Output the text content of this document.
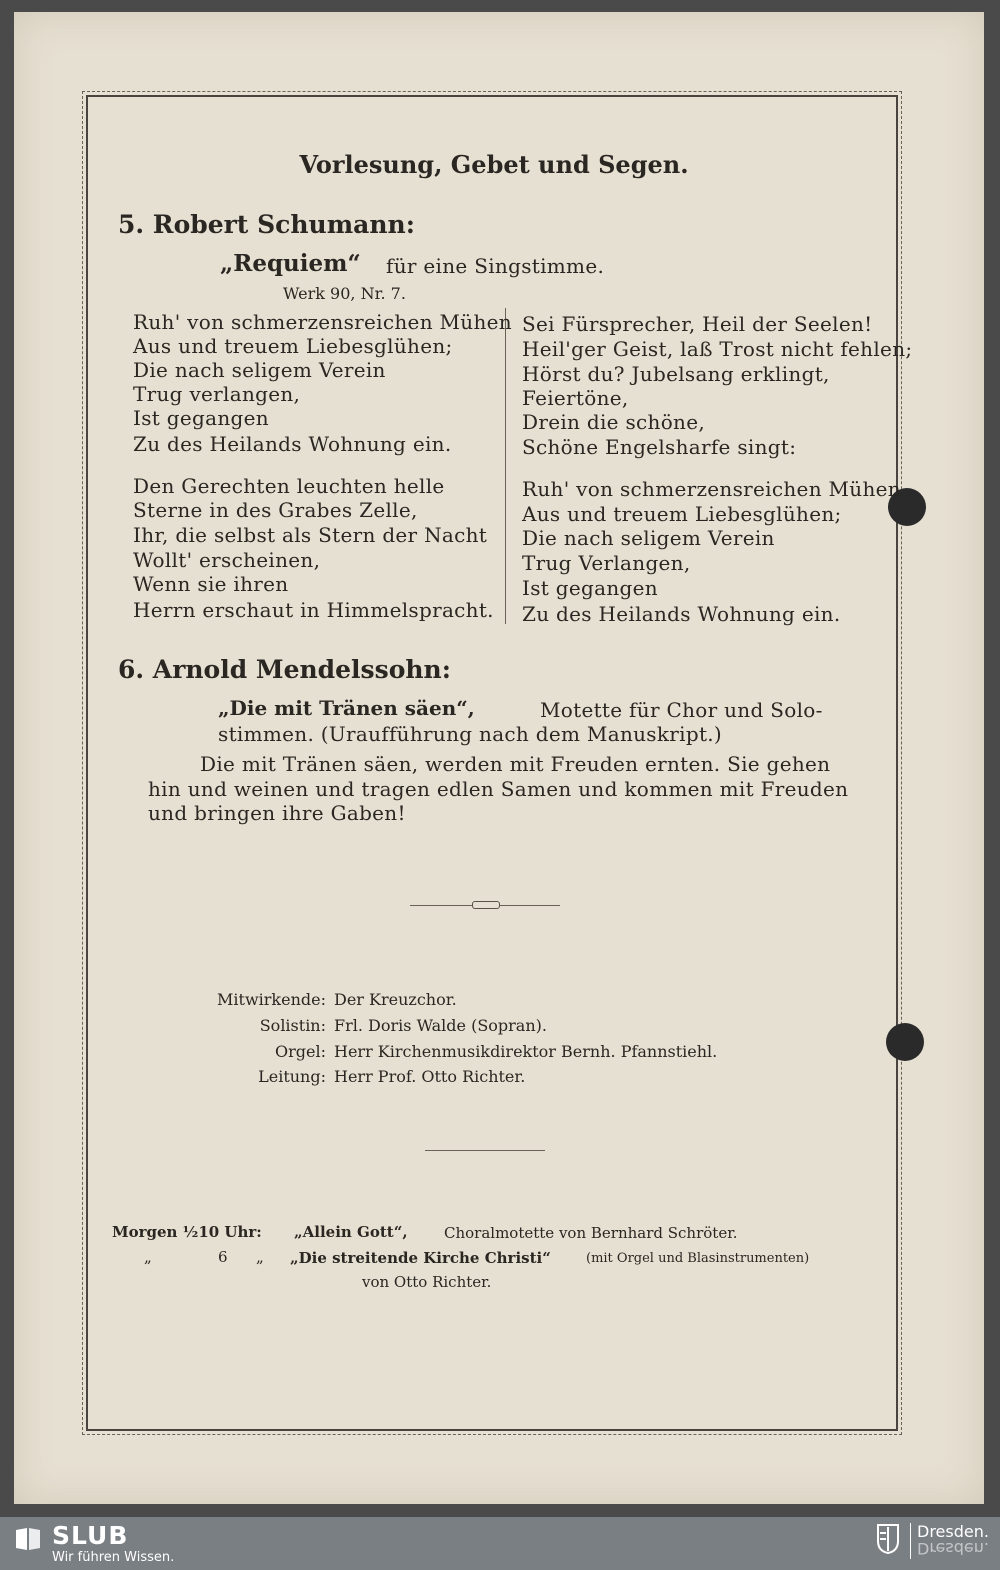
Vorlesung, Gebet und Segen.
5. Robert Schumann:
„Requiem“ für eine Singstimme.
Werk 90, Nr. 7.
Ruh' von schmerzensreichen Mühen
Aus und treuem Liebesglühen;
Die nach seligem Verein
Trug verlangen,
Ist gegangen
Zu des Heilands Wohnung ein.
Den Gerechten leuchten helle
Sterne in des Grabes Zelle,
Ihr, die selbst als Stern der Nacht
Wollt' erscheinen,
Wenn sie ihren
Herrn erschaut in Himmelspracht.
Sei Fürsprecher, Heil der Seelen!
Heil'ger Geist, laß Trost nicht fehlen;
Hörst du? Jubelsang erklingt,
Feiertöne,
Drein die schöne,
Schöne Engelsharfe singt:
Ruh' von schmerzensreichen Mühen
Aus und treuem Liebesglühen;
Die nach seligem Verein
Trug Verlangen,
Ist gegangen
Zu des Heilands Wohnung ein.
6. Arnold Mendelssohn:
„Die mit Tränen säen“,	Motette für Chor und Solo-
stimmen. (Uraufführung nach dem Manuskript.)
Die mit Tränen säen, werden mit Freuden ernten. Sie gehen
hin und weinen und tragen edlen Samen und kommen mit Freuden
und bringen ihre Gaben!
Mitwirkende: Der Kreuzchor.
Solistin: Frl. Doris Walde (Sopran).
Orgel: Herr Kirchenmusikdirektor Bernh. Pfannstiehl.
Leitung: Herr Prof. Otto Richter.
Morgen ½10 Uhr: „Allein Gott“, Choralmotette von Bernhard Schröter.
„	6 „ „Die streitende Kirche Christi“	(mit Orgel und Blasinstrumenten)
von Otto Richter.
SLUB
Wir führen Wissen.
Dresden.
Dresden.
